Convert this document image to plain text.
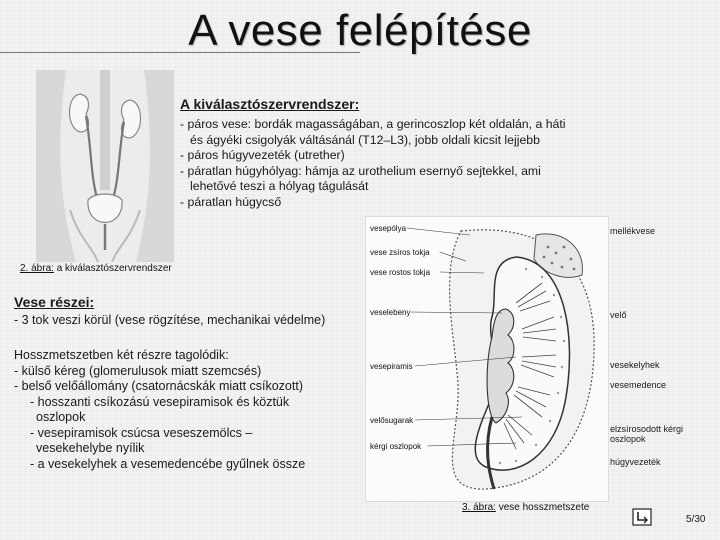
A vese felépítése
2. ábra: a kiválasztószervrendszer
A kiválasztószervrendszer:
- páros vese: bordák magasságában, a gerincoszlop két oldalán, a háti
és ágyéki csigolyák váltásánál (T12–L3), jobb oldali kicsit lejjebb
- páros húgyvezeték (utrether)
- páratlan húgyhólyag: hámja az urothelium esernyő sejtekkel, ami
lehetővé teszi a hólyag tágulását
- páratlan húgycső
Vese részei:
- 3 tok veszi körül (vese rögzítése, mechanikai védelme)
Hosszmetszetben két részre tagolódik:
- külső kéreg (glomerulusok miatt szemcsés)
- belső velőállomány (csatornácskák miatt csíkozott)
- hosszanti csíkozású vesepiramisok és köztük
oszlopok
- vesepiramisok csúcsa veseszemölcs –
vesekehelybe nyílik
- a vesekelyhek a vesemedencébe gyűlnek össze
vesepólya
vese zsíros tokja
vese rostos tokja
veselebeny
vesepiramis
velősugarak
kérgi oszlopok
3. ábra: vese hosszmetszete
5/30
mellékvese
velő
vesekelyhek
vesemedence
elzsírosodott kérgi oszlopok
húgyvezeték
